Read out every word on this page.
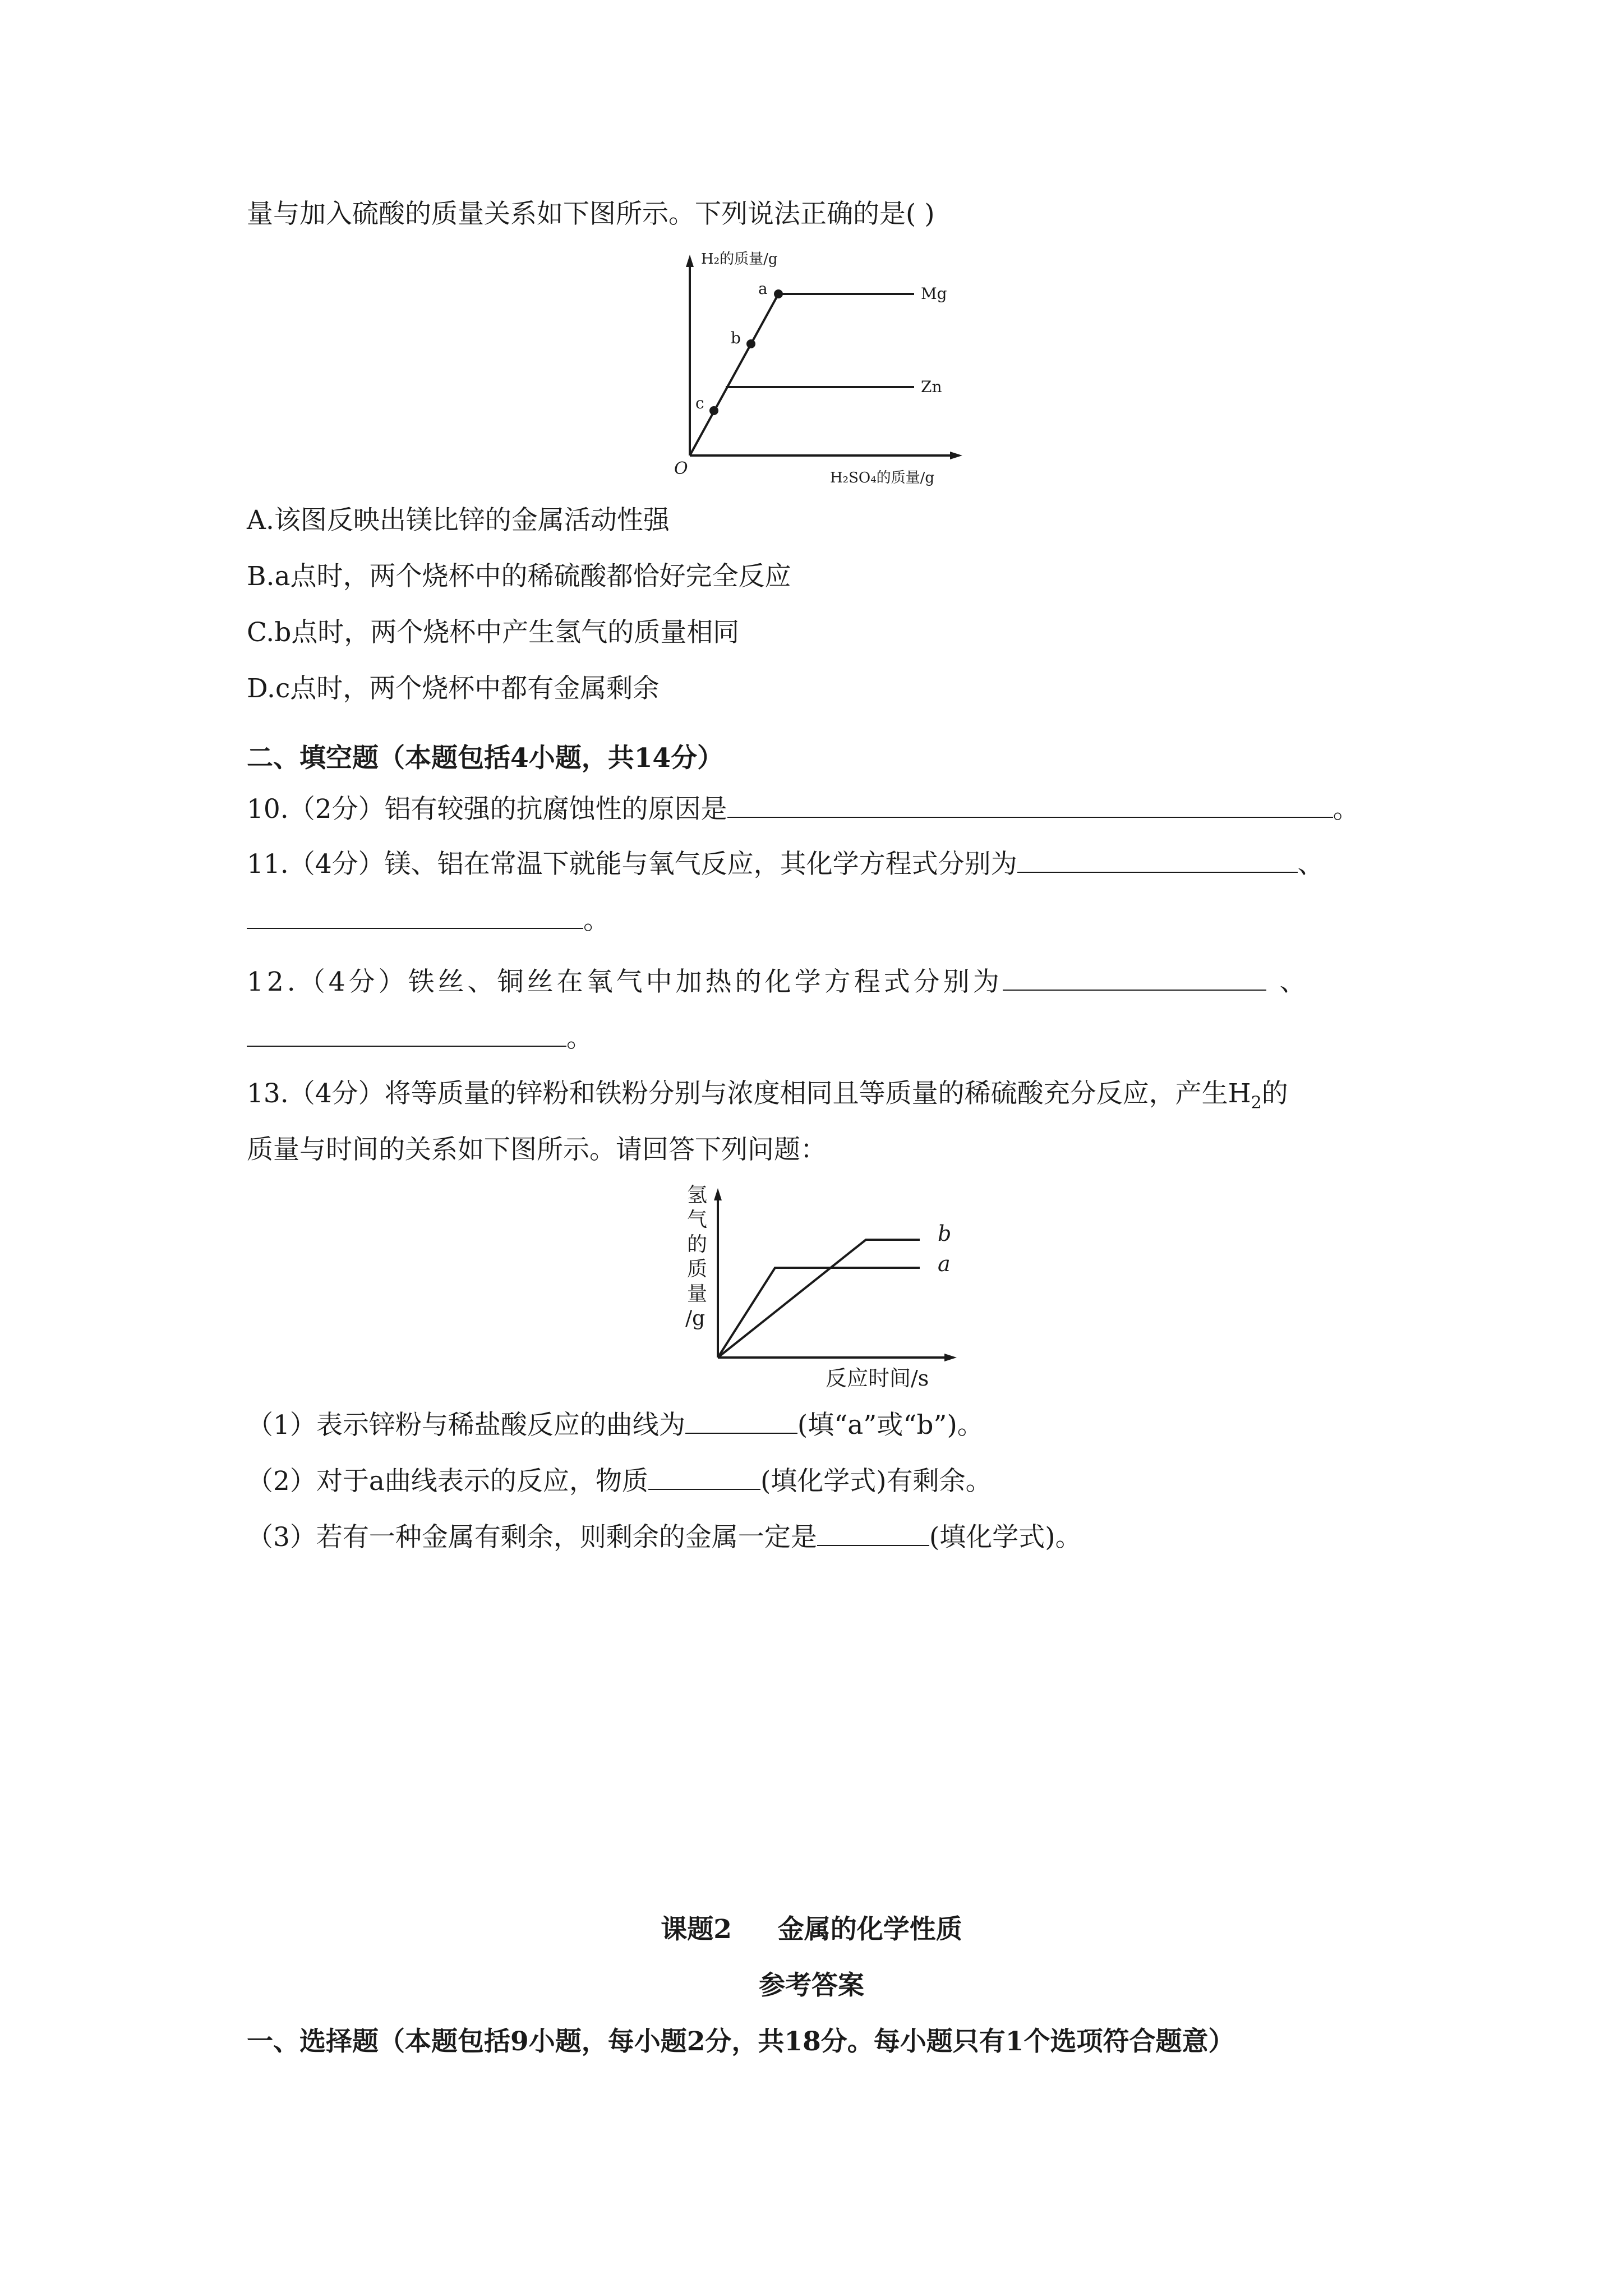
量与加入硫酸的质量关系如下图所示。下列说法正确的是( )
H₂的质量/g
H₂SO₄的质量/g
O
a
b
c
Mg
Zn
A.该图反映出镁比锌的金属活动性强
B.a点时，两个烧杯中的稀硫酸都恰好完全反应
C.b点时，两个烧杯中产生氢气的质量相同
D.c点时，两个烧杯中都有金属剩余
二、填空题（本题包括4小题，共14分）
10.（2分）铝有较强的抗腐蚀性的原因是	。
11.（4分）镁、铝在常温下就能与氧气反应，其化学方程式分别为	、
。
12.（4分）铁丝、铜丝在氧气中加热的化学方程式分别为	、
。
13.（4分）将等质量的锌粉和铁粉分别与浓度相同且等质量的稀硫酸充分反应，产生$H_2$的
质量与时间的关系如下图所示。请回答下列问题：
氢
气
的
质
量
/g
反应时间/s
b
a
（1）表示锌粉与稀盐酸反应的曲线为	(填“a”或“b”)。
（2）对于a曲线表示的反应，物质	(填化学式)有剩余。
（3）若有一种金属有剩余，则剩余的金属一定是	(填化学式)。
课题2     金属的化学性质
参考答案
一、选择题（本题包括9小题，每小题2分，共18分。每小题只有1个选项符合题意）
